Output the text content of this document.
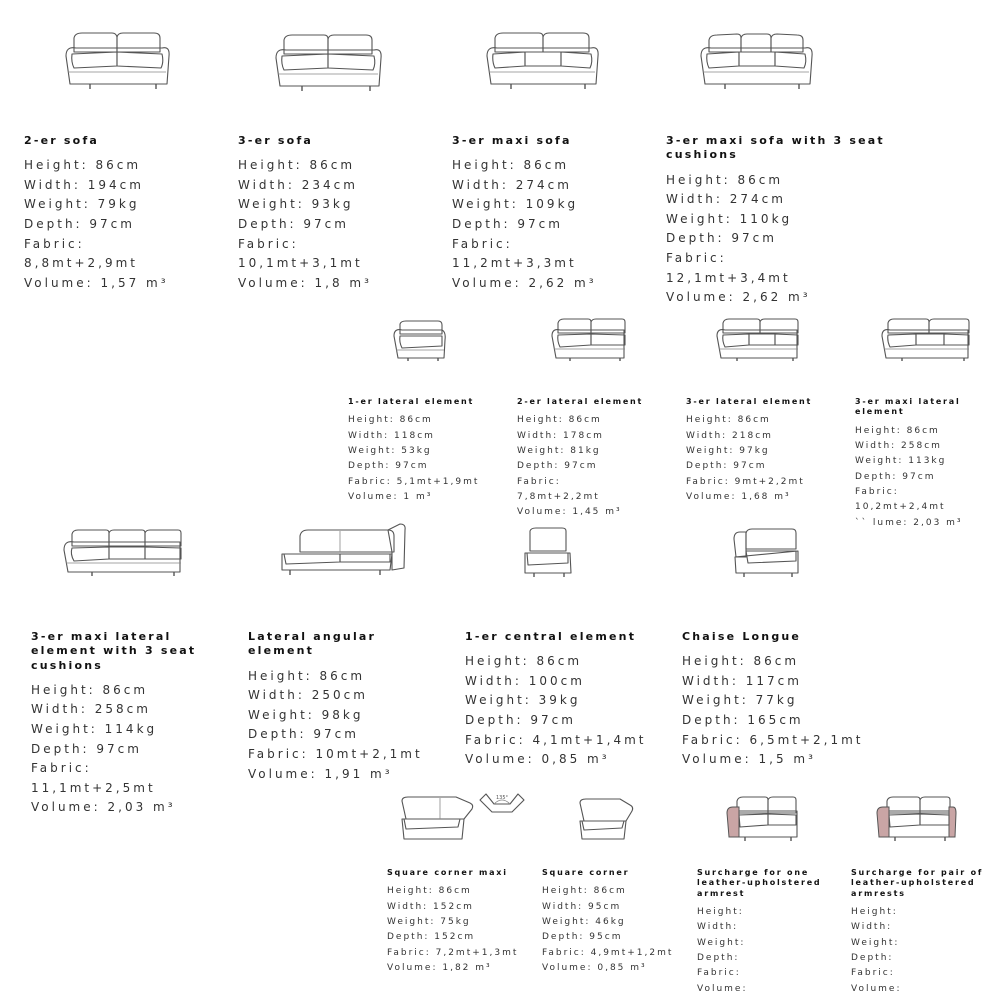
2-er sofa
Height: 86cm
Width: 194cm
Weight: 79kg
Depth: 97cm
Fabric:
8,8mt+2,9mt
Volume: 1,57 m³
3-er sofa
Height: 86cm
Width: 234cm
Weight: 93kg
Depth: 97cm
Fabric:
10,1mt+3,1mt
Volume: 1,8 m³
3-er maxi sofa
Height: 86cm
Width: 274cm
Weight: 109kg
Depth: 97cm
Fabric:
11,2mt+3,3mt
Volume: 2,62 m³
3-er maxi sofa with 3 seat cushions
Height: 86cm
Width: 274cm
Weight: 110kg
Depth: 97cm
Fabric:
12,1mt+3,4mt
Volume: 2,62 m³
1-er lateral element
Height: 86cm
Width: 118cm
Weight: 53kg
Depth: 97cm
Fabric: 5,1mt+1,9mt
Volume: 1 m³
2-er lateral element
Height: 86cm
Width: 178cm
Weight: 81kg
Depth: 97cm
Fabric:
7,8mt+2,2mt
Volume: 1,45 m³
3-er lateral element
Height: 86cm
Width: 218cm
Weight: 97kg
Depth: 97cm
Fabric: 9mt+2,2mt
Volume: 1,68 m³
3-er maxi lateral element
Height: 86cm
Width: 258cm
Weight: 113kg
Depth: 97cm
Fabric:
10,2mt+2,4mt
`` lume: 2,03 m³
3-er maxi lateral element with 3 seat cushions
Height: 86cm
Width: 258cm
Weight: 114kg
Depth: 97cm
Fabric:
11,1mt+2,5mt
Volume: 2,03 m³
Lateral angular element
Height: 86cm
Width: 250cm
Weight: 98kg
Depth: 97cm
Fabric: 10mt+2,1mt
Volume: 1,91 m³
1-er central element
Height: 86cm
Width: 100cm
Weight: 39kg
Depth: 97cm
Fabric: 4,1mt+1,4mt
Volume: 0,85 m³
Chaise Longue
Height: 86cm
Width: 117cm
Weight: 77kg
Depth: 165cm
Fabric: 6,5mt+2,1mt
Volume: 1,5 m³
Square corner maxi
Height: 86cm
Width: 152cm
Weight: 75kg
Depth: 152cm
Fabric: 7,2mt+1,3mt
Volume: 1,82 m³
Square corner
Height: 86cm
Width: 95cm
Weight: 46kg
Depth: 95cm
Fabric: 4,9mt+1,2mt
Volume: 0,85 m³
Surcharge for one leather-upholstered armrest
Height:
Width:
Weight:
Depth:
Fabric:
Volume:
Surcharge for pair of leather-upholstered armrests
Height:
Width:
Weight:
Depth:
Fabric:
Volume:
135°
